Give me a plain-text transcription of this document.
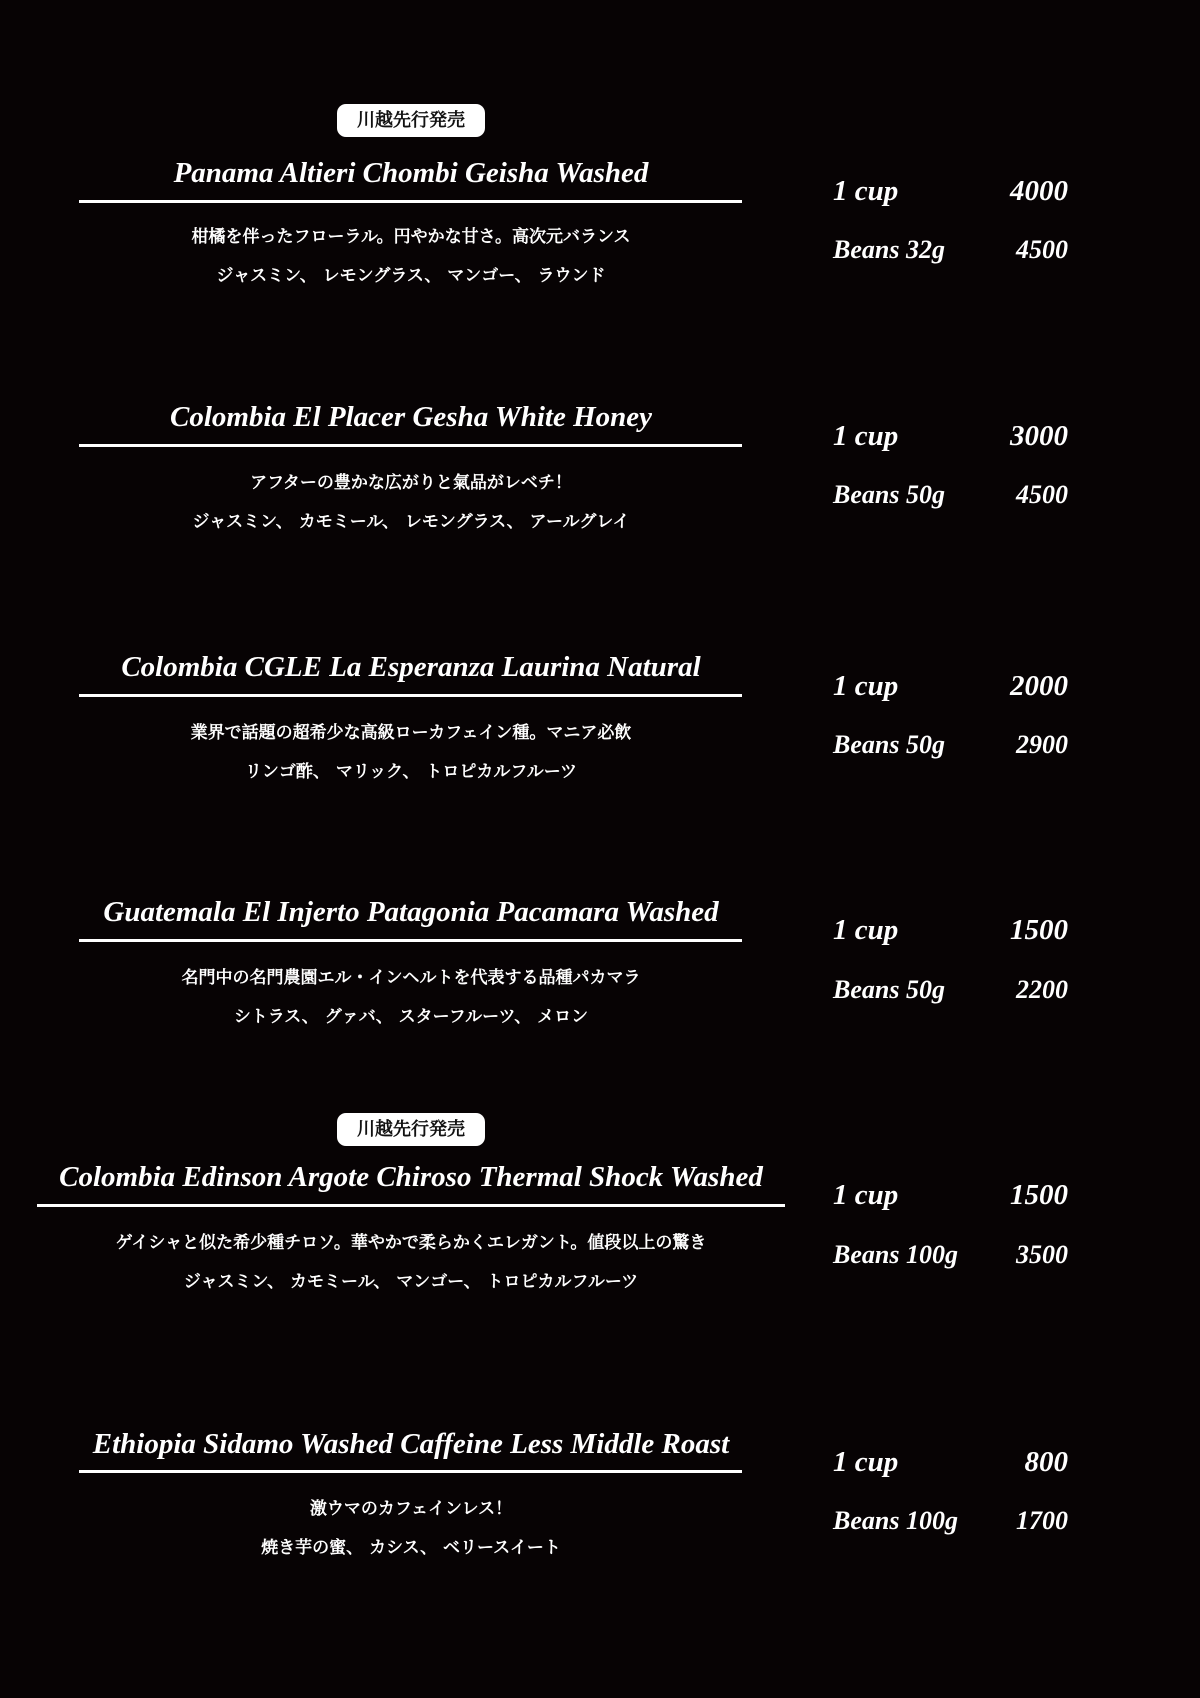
川越先行発売
Panama Altieri Chombi Geisha Washed
柑橘を伴ったフローラル。円やかな甘さ。高次元バランス
ジャスミン、 レモングラス、 マンゴー、 ラウンド
1 cup	4000
Beans 32g	4500
Colombia El Placer Gesha White Honey
アフターの豊かな広がりと氣品がレベチ！
ジャスミン、 カモミール、 レモングラス、 アールグレイ
1 cup	3000
Beans 50g	4500
Colombia CGLE La Esperanza Laurina Natural
業界で話題の超希少な高級ローカフェイン種。マニア必飲
リンゴ酢、 マリック、 トロピカルフルーツ
1 cup	2000
Beans 50g	2900
Guatemala El Injerto Patagonia Pacamara Washed
名門中の名門農園エル・インヘルトを代表する品種パカマラ
シトラス、 グァバ、 スターフルーツ、 メロン
1 cup	1500
Beans 50g	2200
川越先行発売
Colombia Edinson Argote Chiroso Thermal Shock Washed
ゲイシャと似た希少種チロソ。華やかで柔らかくエレガント。値段以上の驚き
ジャスミン、 カモミール、 マンゴー、 トロピカルフルーツ
1 cup	1500
Beans 100g 3500
Ethiopia Sidamo Washed Caffeine Less Middle Roast
激ウマのカフェインレス！
焼き芋の蜜、 カシス、 ベリースイート
1 cup	800
Beans 100g 1700
